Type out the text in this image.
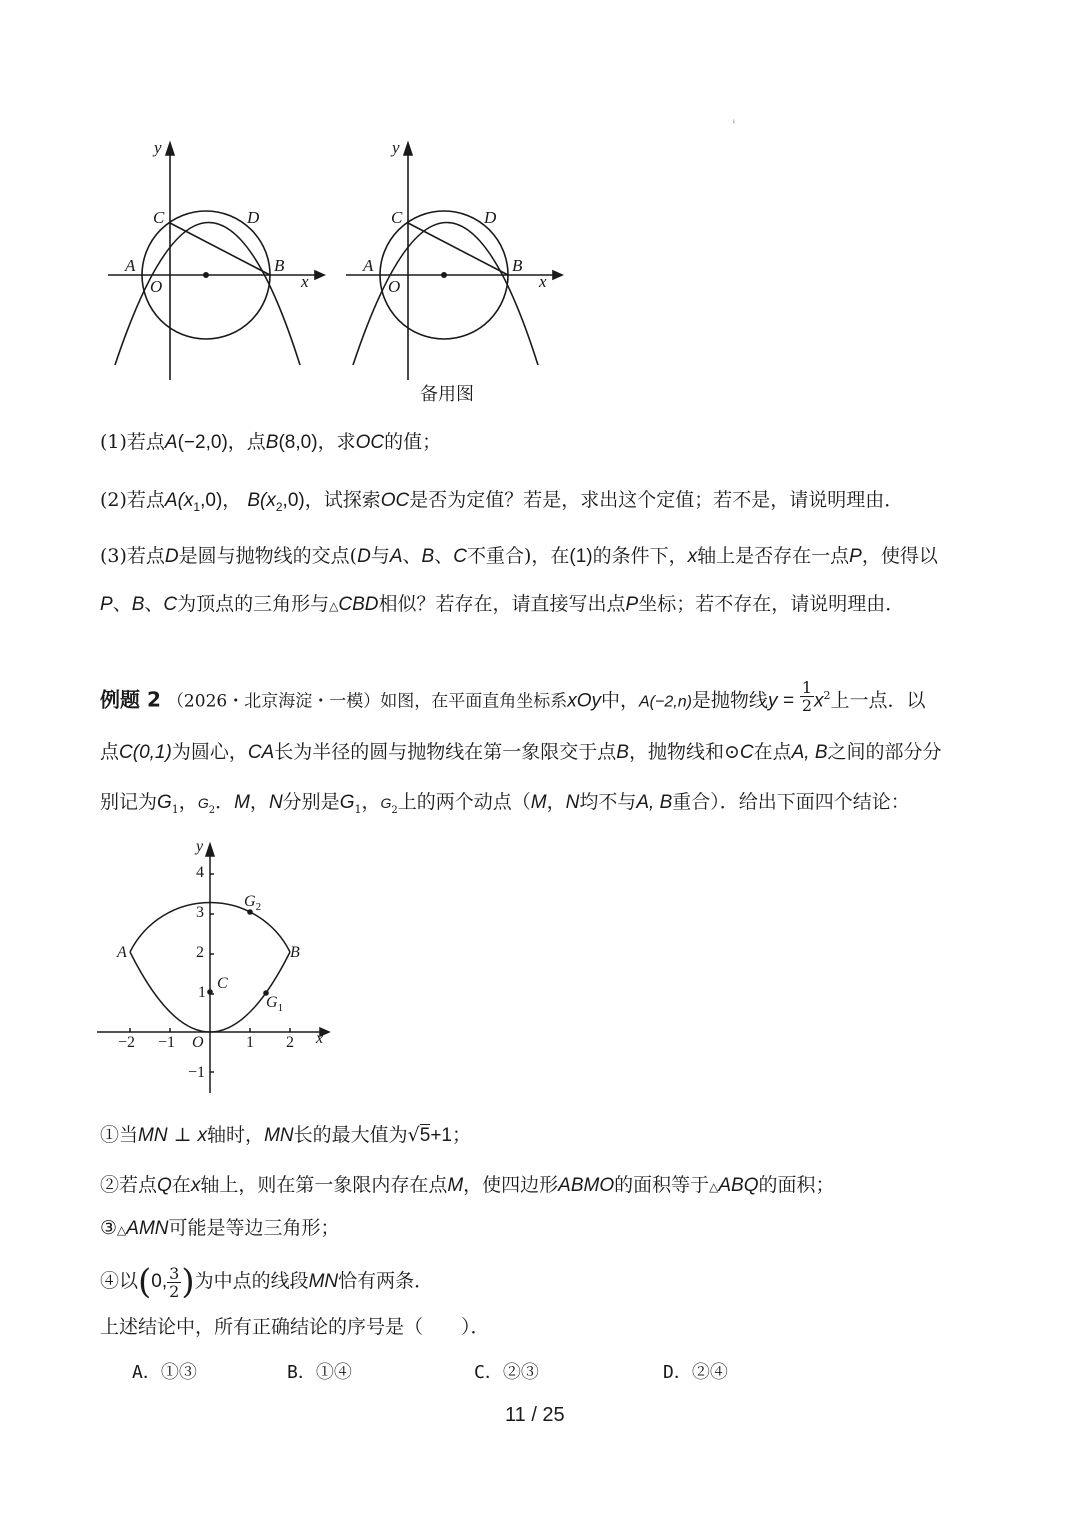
ᵢ
y
C	D
A	B
O	x
y
C	D
A	B
O	x
备用图
(1)若点A(−2,0)，点B(8,0)，求OC的值；
(2)若点$A(x_1,0)$， $B(x_2,0)$，试探索OC是否为定值？若是，求出这个定值；若不是，请说明理由．
(3)若点D是圆与抛物线的交点(D与A、B、C不重合)，在(1)的条件下，x轴上是否存在一点P，使得以
P、B、C为顶点的三角形与△CBD相似？若存在，请直接写出点P坐标；若不存在，请说明理由．
例题 2 （2026・北京海淀・一模）如图，在平面直角坐标系xOy中，A(−2,n)是抛物线$y = \frac{1}{2} x^2$上一点．以
点C(0,1)为圆心，CA长为半径的圆与抛物线在第一象限交于点B，抛物线和⊙C在点A, B之间的部分分
别记为$G_1$，$G_2$．M，N分别是$G_1$，$G_2$上的两个动点（M，N均不与A, B重合）．给出下面四个结论：
y
4
3
2
1
−1
−2 −1 O	1 2 x
A	B
C
$G_2$
$G_1$
①当MN ⊥ x轴时，MN长的最大值为√5+1；
②若点Q在x轴上，则在第一象限内存在点M，使四边形ABMO的面积等于△ABQ的面积；
③△AMN可能是等边三角形；
④以(0, $\frac{3}{2}$ )为中点的线段MN恰有两条．
上述结论中，所有正确结论的序号是（　　）．
A．①③	B．①④	C．②③	D．②④
11 / 25
